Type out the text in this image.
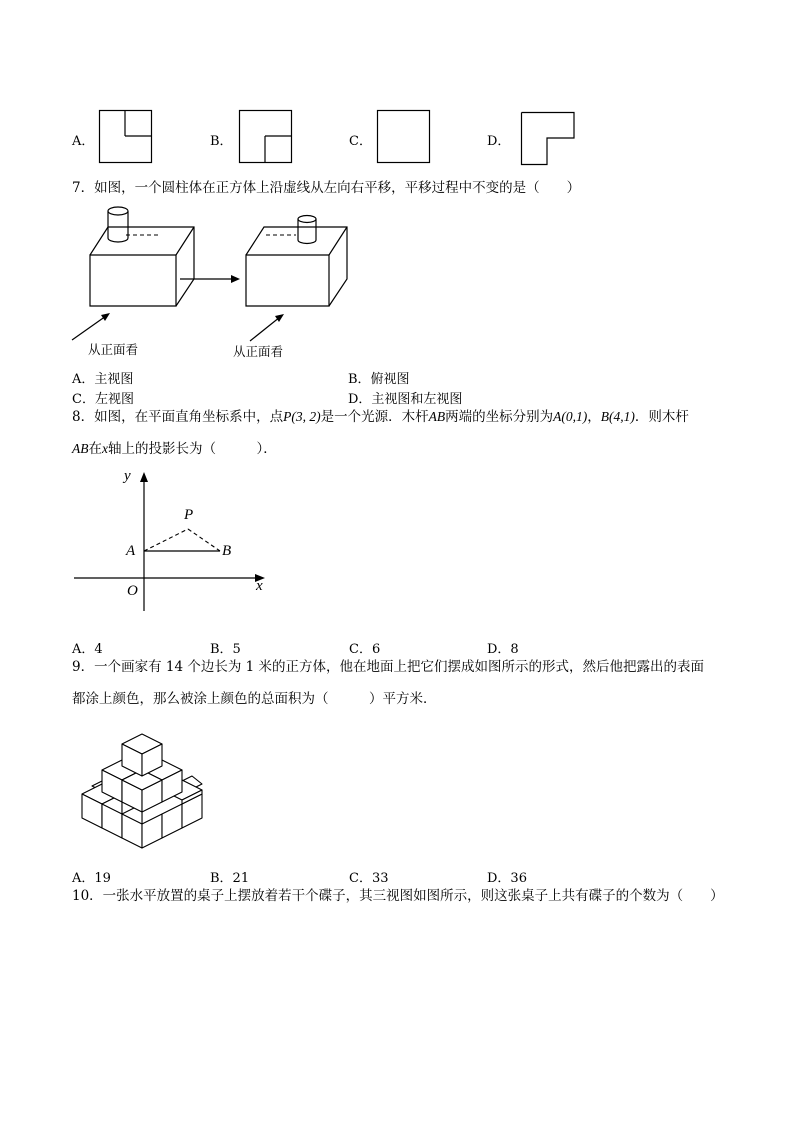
A．	B．	C．	D．
7．如图，一个圆柱体在正方体上沿虚线从左向右平移，平移过程中不变的是（　　）
从正面看	从正面看
A．主视图	B．俯视图
C．左视图	D．主视图和左视图
8．如图，在平面直角坐标系中，点P(3, 2)是一个光源．木杆AB两端的坐标分别为A(0,1)，B(4,1)．则木杆
AB在x轴上的投影长为（　　　）．
y
x
O
A	B
P
A．4	B．5	C．6	D．8
9．一个画家有 14 个边长为 1 米的正方体，他在地面上把它们摆成如图所示的形式，然后他把露出的表面
都涂上颜色，那么被涂上颜色的总面积为（　　　）平方米．
A．19	B．21	C．33	D．36
10．一张水平放置的桌子上摆放着若干个碟子，其三视图如图所示，则这张桌子上共有碟子的个数为（　　）
